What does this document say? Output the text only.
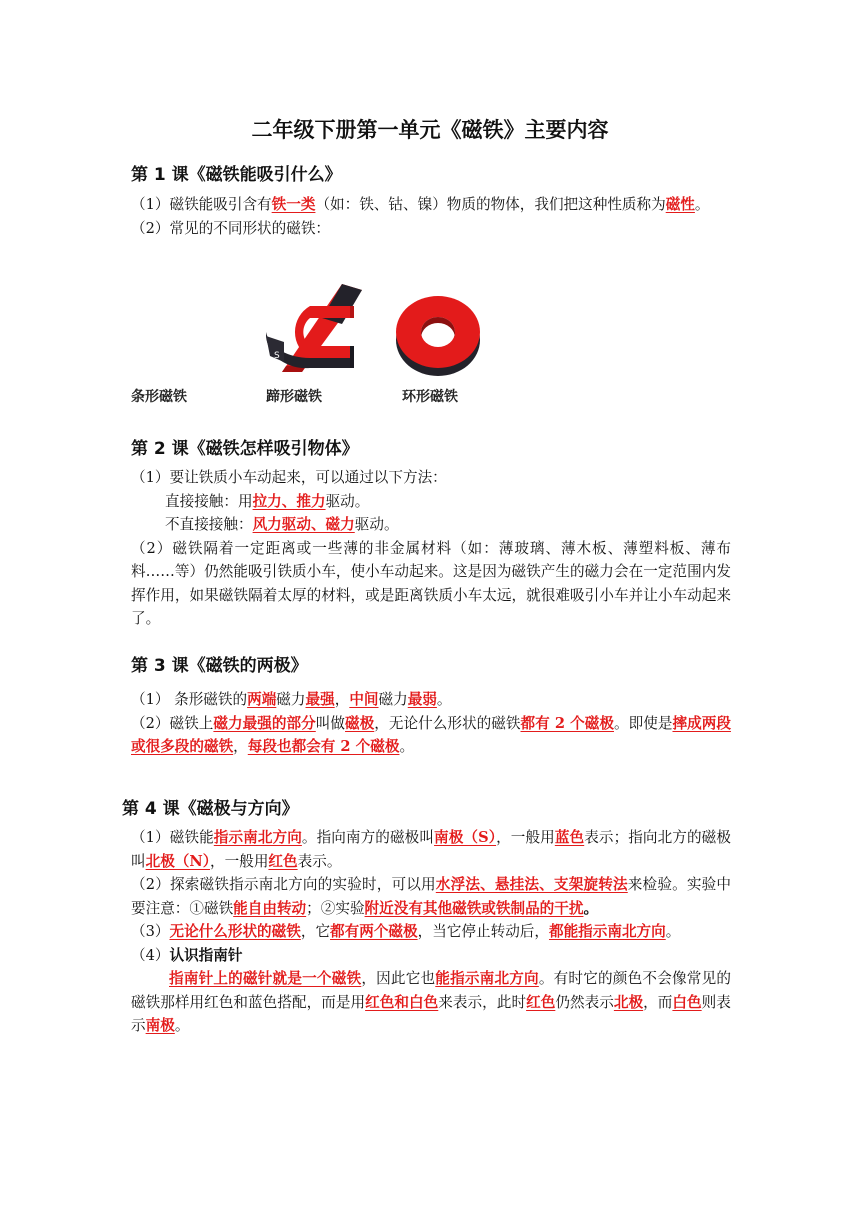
二年级下册第一单元《磁铁》主要内容
第 1 课《磁铁能吸引什么》

（1）磁铁能吸引含有铁一类（如：铁、钴、镍）物质的物体，我们把这种性质称为磁性。

（2）常见的不同形状的磁铁：

S
条形磁铁	蹄形磁铁	环形磁铁
第 2 课《磁铁怎样吸引物体》

（1）要让铁质小车动起来，可以通过以下方法：

直接接触：用拉力、推力驱动。

不直接接触：风力驱动、磁力驱动。

（2）磁铁隔着一定距离或一些薄的非金属材料（如：薄玻璃、薄木板、薄塑料板、薄布料……等）仍然能吸引铁质小车，使小车动起来。这是因为磁铁产生的磁力会在一定范围内发挥作用，如果磁铁隔着太厚的材料，或是距离铁质小车太远，就很难吸引小车并让小车动起来了。

第 3 课《磁铁的两极》

（1） 条形磁铁的两端磁力最强，中间磁力最弱。

（2）磁铁上磁力最强的部分叫做磁极，无论什么形状的磁铁都有 2 个磁极。即使是摔成两段或很多段的磁铁，每段也都会有 2 个磁极。

第 4 课《磁极与方向》

（1）磁铁能指示南北方向。指向南方的磁极叫南极（S），一般用蓝色表示；指向北方的磁极叫北极（N），一般用红色表示。

（2）探索磁铁指示南北方向的实验时，可以用水浮法、悬挂法、支架旋转法来检验。实验中要注意：①磁铁能自由转动；②实验附近没有其他磁铁或铁制品的干扰。

（3）无论什么形状的磁铁，它都有两个磁极，当它停止转动后，都能指示南北方向。

（4）认识指南针

指南针上的磁针就是一个磁铁，因此它也能指示南北方向。有时它的颜色不会像常见的磁铁那样用红色和蓝色搭配，而是用红色和白色来表示，此时红色仍然表示北极，而白色则表示南极。
